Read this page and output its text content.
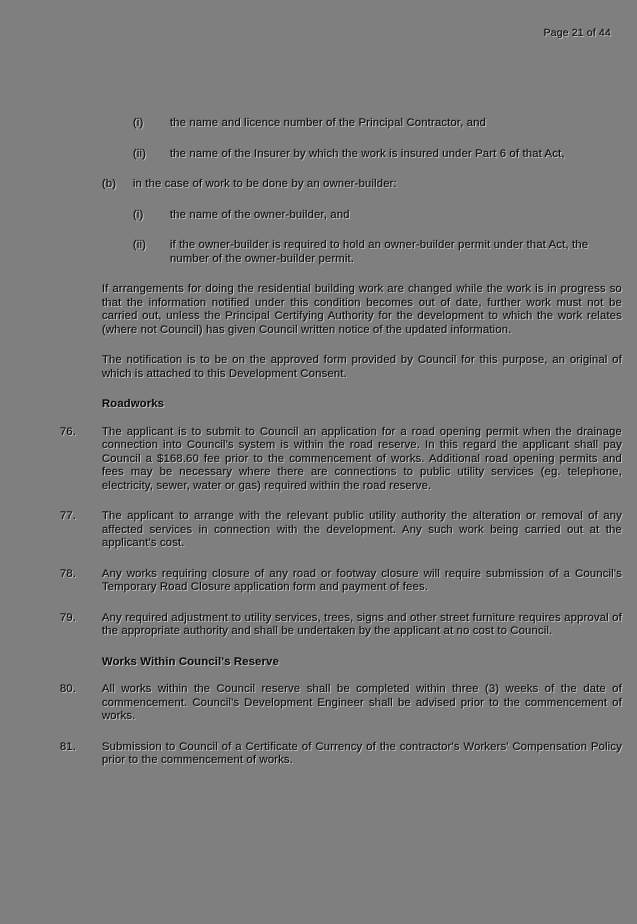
Page 21 of 44
(i)	the name and licence number of the Principal Contractor, and
(ii)	the name of the Insurer by which the work is insured under Part 6 of that Act,
(b)	in the case of work to be done by an owner-builder:
(i)	the name of the owner-builder, and
(ii)	if the owner-builder is required to hold an owner-builder permit under that Act, the number of the owner-builder permit.
If arrangements for doing the residential building work are changed while the work is in progress so that the information notified under this condition becomes out of date, further work must not be carried out, unless the Principal Certifying Authority for the development to which the work relates (where not Council) has given Council written notice of the updated information.
The notification is to be on the approved form provided by Council for this purpose, an original of which is attached to this Development Consent.
Roadworks
76.	The applicant is to submit to Council an application for a road opening permit when the drainage connection into Council's system is within the road reserve. In this regard the applicant shall pay Council a $168.60 fee prior to the commencement of works. Additional road opening permits and fees may be necessary where there are connections to public utility services (eg. telephone, electricity, sewer, water or gas) required within the road reserve.
77.	The applicant to arrange with the relevant public utility authority the alteration or removal of any affected services in connection with the development. Any such work being carried out at the applicant's cost.
78.	Any works requiring closure of any road or footway closure will require submission of a Council's Temporary Road Closure application form and payment of fees.
79.	Any required adjustment to utility services, trees, signs and other street furniture requires approval of the appropriate authority and shall be undertaken by the applicant at no cost to Council.
Works Within Council's Reserve
80.	All works within the Council reserve shall be completed within three (3) weeks of the date of commencement. Council's Development Engineer shall be advised prior to the commencement of works.
81.	Submission to Council of a Certificate of Currency of the contractor's Workers' Compensation Policy prior to the commencement of works.
